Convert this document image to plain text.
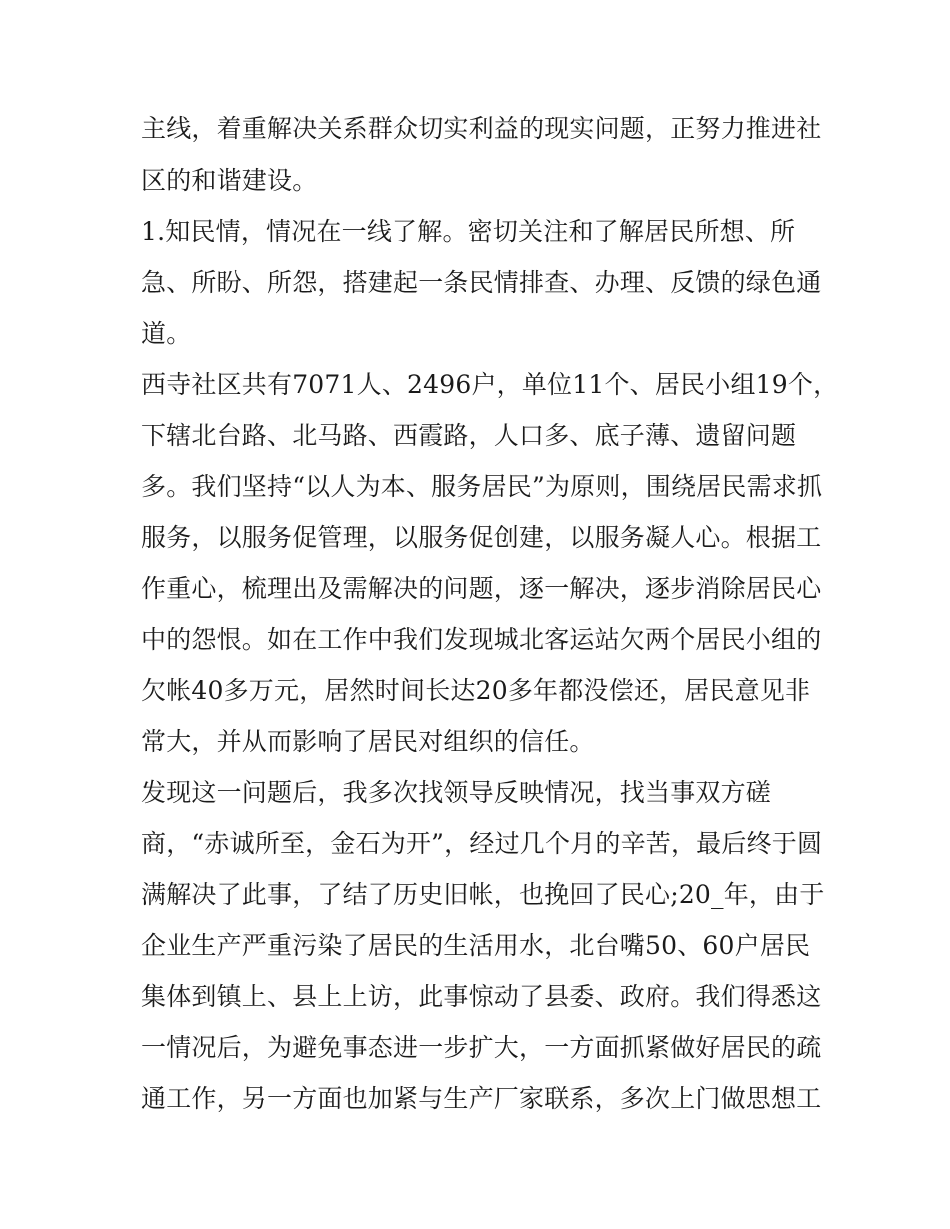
主线，着重解决关系群众切实利益的现实问题，正努力推进社
区的和谐建设。
1.知民情，情况在一线了解。密切关注和了解居民所想、所
急、所盼、所怨，搭建起一条民情排查、办理、反馈的绿色通
道。
西寺社区共有7071人、2496户，单位11个、居民小组19个，
下辖北台路、北马路、西霞路，人口多、底子薄、遗留问题
多。我们坚持“以人为本、服务居民”为原则，围绕居民需求抓
服务，以服务促管理，以服务促创建，以服务凝人心。根据工
作重心，梳理出及需解决的问题，逐一解决，逐步消除居民心
中的怨恨。如在工作中我们发现城北客运站欠两个居民小组的
欠帐40多万元，居然时间长达20多年都没偿还，居民意见非
常大，并从而影响了居民对组织的信任。
发现这一问题后，我多次找领导反映情况，找当事双方磋
商，“赤诚所至，金石为开”，经过几个月的辛苦，最后终于圆
满解决了此事，了结了历史旧帐，也挽回了民心;20_年，由于
企业生产严重污染了居民的生活用水，北台嘴50、60户居民
集体到镇上、县上上访，此事惊动了县委、政府。我们得悉这
一情况后，为避免事态进一步扩大，一方面抓紧做好居民的疏
通工作，另一方面也加紧与生产厂家联系，多次上门做思想工
